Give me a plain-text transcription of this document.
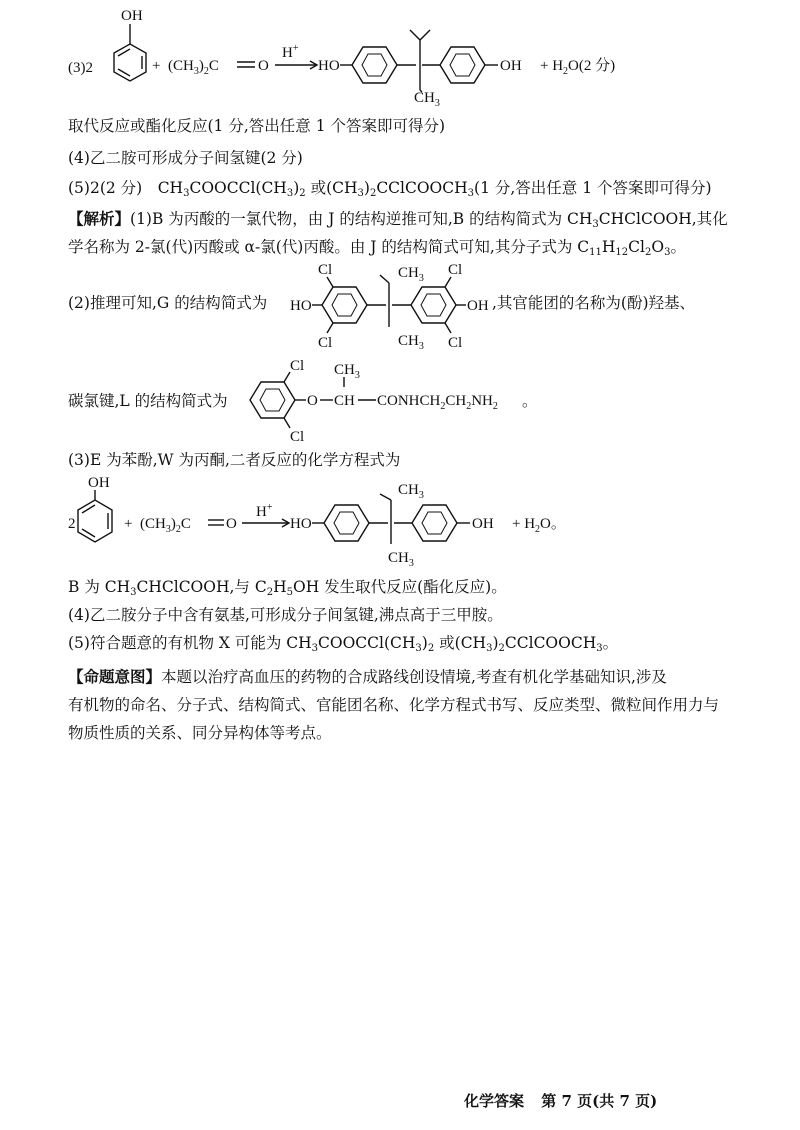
(3)2
OH
+ $(CH_3)_2C$	O
H+
HO
$CH_3$
OH + $H_2O(2$ 分)
取代反应或酯化反应(1 分,答出任意 1 个答案即可得分)
(4)乙二胺可形成分子间氢键(2 分)
(5)2(2 分)　$CH_3COOCCl(CH_3)_2$ 或$(CH_3)_2CClCOOCH_3(1$ 分,答出任意 1 个答案即可得分)
【解析】(1)B 为丙酸的一氯代物，由 J 的结构逆推可知,B 的结构简式为 $CH_3CHClCOOH$,其化
学名称为 2-氯(代)丙酸或 α-氯(代)丙酸。由 J 的结构简式可知,其分子式为 $C_{11}H_{12}Cl_2O_3$。
(2)推理可知,G 的结构简式为 HO
Cl
Cl
$CH_3$
$CH_3$
Cl
Cl
OH ,其官能团的名称为(酚)羟基、
碳氯键,L 的结构简式为
Cl
Cl
O CH
$CH_3$
$CONHCH_2CH_2NH_2$ 。
(3)E 为苯酚,W 为丙酮,二者反应的化学方程式为
2
OH
+ $(CH_3)_2C$ O
H+
HO
$CH_3$
$CH_3$
OH + $H_2O$。
B 为 $CH_3CHClCOOH$,与 $C_2H_5OH$ 发生取代反应(酯化反应)。
(4)乙二胺分子中含有氨基,可形成分子间氢键,沸点高于三甲胺。
(5)符合题意的有机物 X 可能为 $CH_3COOCCl(CH_3)_2$ 或$(CH_3)_2CClCOOCH_3$。
【命题意图】本题以治疗高血压的药物的合成路线创设情境,考查有机化学基础知识,涉及
有机物的命名、分子式、结构简式、官能团名称、化学方程式书写、反应类型、微粒间作用力与
物质性质的关系、同分异构体等考点。
化学答案 第 7 页(共 7 页)
